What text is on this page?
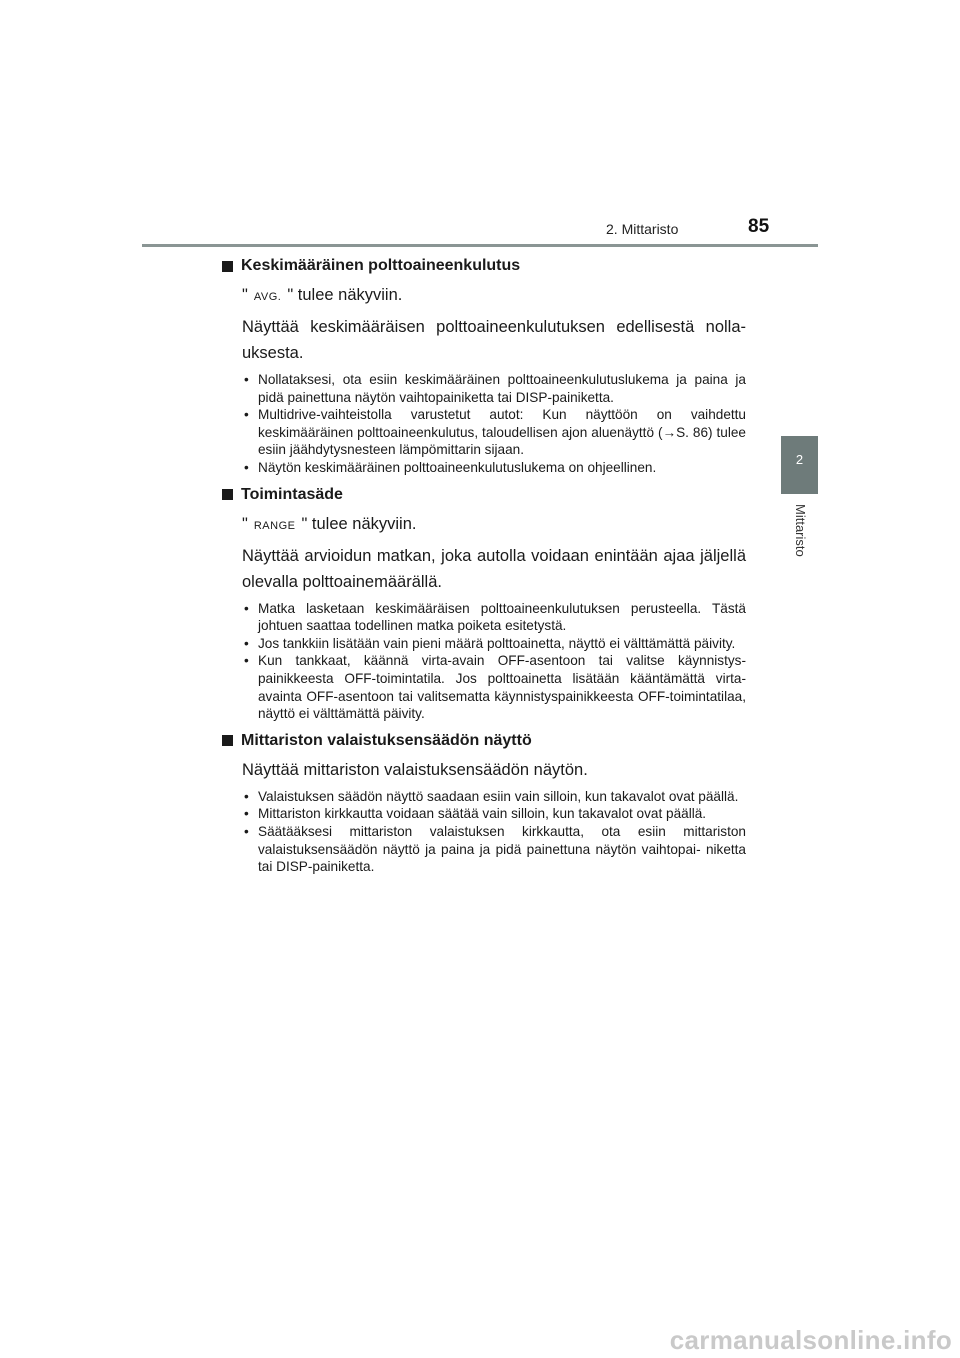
2. Mittaristo	85
2
Mittaristo
Keskimääräinen polttoaineenkulutus
" AVG. " tulee näkyviin.
Näyttää keskimääräisen polttoaineenkulutuksen edellisestä nolla- uksesta.
• Nollataksesi, ota esiin keskimääräinen polttoaineenkulutuslukema ja paina ja pidä painettuna näytön vaihtopainiketta tai DISP-painiketta.
• Multidrive-vaihteistolla varustetut autot: Kun näyttöön on vaihdettu keskimääräinen polttoaineenkulutus, taloudellisen ajon aluenäyttö (→S. 86) tulee esiin jäähdytysnesteen lämpömittarin sijaan.
• Näytön keskimääräinen polttoaineenkulutuslukema on ohjeellinen.
Toimintasäde
" RANGE " tulee näkyviin.
Näyttää arvioidun matkan, joka autolla voidaan enintään ajaa jäljellä olevalla polttoainemäärällä.
• Matka lasketaan keskimääräisen polttoaineenkulutuksen perusteella. Tästä johtuen saattaa todellinen matka poiketa esitetystä.
• Jos tankkiin lisätään vain pieni määrä polttoainetta, näyttö ei välttämättä päivity.
• Kun tankkaat, käännä virta-avain OFF-asentoon tai valitse käynnistys- painikkeesta OFF-toimintatila. Jos polttoainetta lisätään kääntämättä virta-avainta OFF-asentoon tai valitsematta käynnistyspainikkeesta OFF-toimintatilaa, näyttö ei välttämättä päivity.
Mittariston valaistuksensäädön näyttö
Näyttää mittariston valaistuksensäädön näytön.
• Valaistuksen säädön näyttö saadaan esiin vain silloin, kun takavalot ovat päällä.
• Mittariston kirkkautta voidaan säätää vain silloin, kun takavalot ovat päällä.
• Säätääksesi mittariston valaistuksen kirkkautta, ota esiin mittariston valaistuksensäädön näyttö ja paina ja pidä painettuna näytön vaihtopai- niketta tai DISP-painiketta.
carmanualsonline.info
